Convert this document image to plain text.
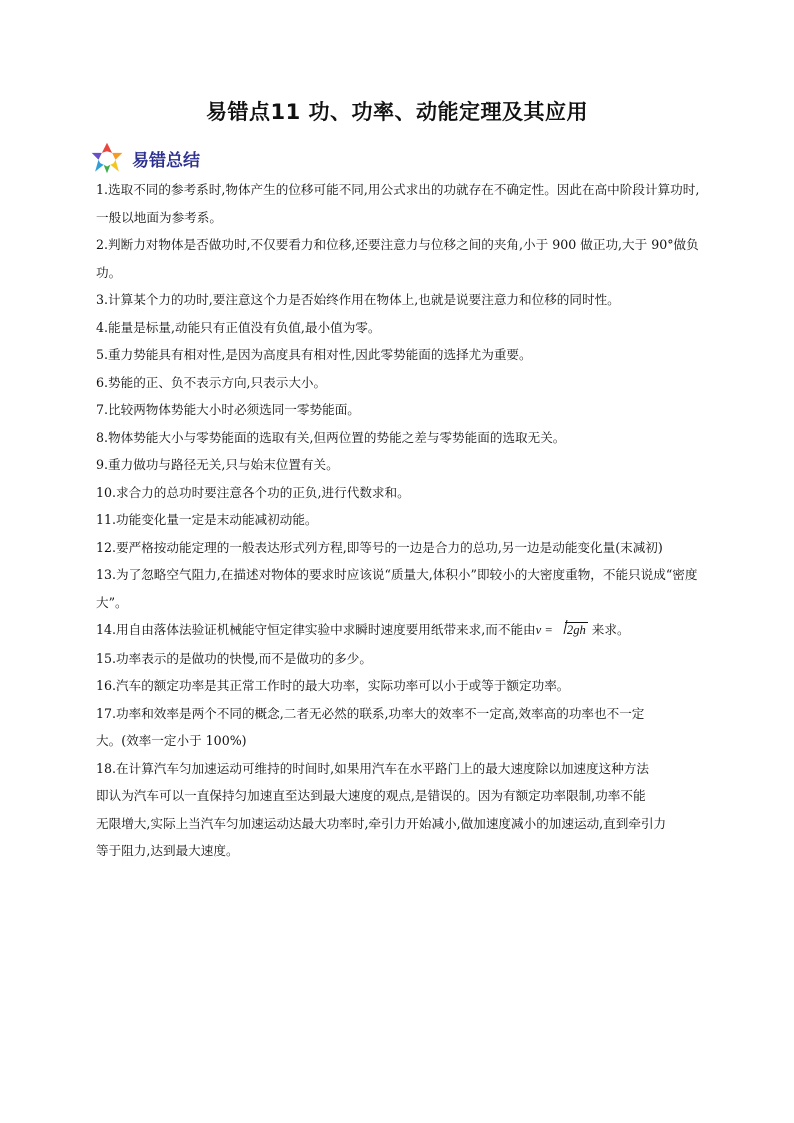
易错点11 功、功率、动能定理及其应用
易错总结

1.选取不同的参考系时,物体产生的位移可能不同,用公式求出的功就存在不确定性。因此在高中阶段计算功时,一般以地面为参考系。

2.判断力对物体是否做功时,不仅要看力和位移,还要注意力与位移之间的夹角,小于 900 做正功,大于 90°做负功。

3.计算某个力的功时,要注意这个力是否始终作用在物体上,也就是说要注意力和位移的同时性。

4.能量是标量,动能只有正值没有负值,最小值为零。

5.重力势能具有相对性,是因为高度具有相对性,因此零势能面的选择尤为重要。

6.势能的正、负不表示方向,只表示大小。

7.比较两物体势能大小时必须选同一零势能面。

8.物体势能大小与零势能面的选取有关,但两位置的势能之差与零势能面的选取无关。

9.重力做功与路径无关,只与始末位置有关。

10.求合力的总功时要注意各个功的正负,进行代数求和。

11.功能变化量一定是末动能减初动能。

12.要严格按动能定理的一般表达形式列方程,即等号的一边是合力的总功,另一边是动能变化量(末减初)

13.为了忽略空气阻力,在描述对物体的要求时应该说“质量大,体积小”即较小的大密度重物，不能只说成“密度大”。

14.用自由落体法验证机械能守恒定律实验中求瞬时速度要用纸带来求,而不能由v = 2gh 来求。

15.功率表示的是做功的快慢,而不是做功的多少。

16.汽车的额定功率是其正常工作时的最大功率，实际功率可以小于或等于额定功率。

17.功率和效率是两个不同的概念,二者无必然的联系,功率大的效率不一定高,效率高的功率也不一定

大。(效率一定小于 100%)

18.在计算汽车匀加速运动可维持的时间时,如果用汽车在水平路门上的最大速度除以加速度这种方法

即认为汽车可以一直保持匀加速直至达到最大速度的观点,是错误的。因为有额定功率限制,功率不能

无限增大,实际上当汽车匀加速运动达最大功率时,牵引力开始减小,做加速度减小的加速运动,直到牵引力

等于阻力,达到最大速度。
